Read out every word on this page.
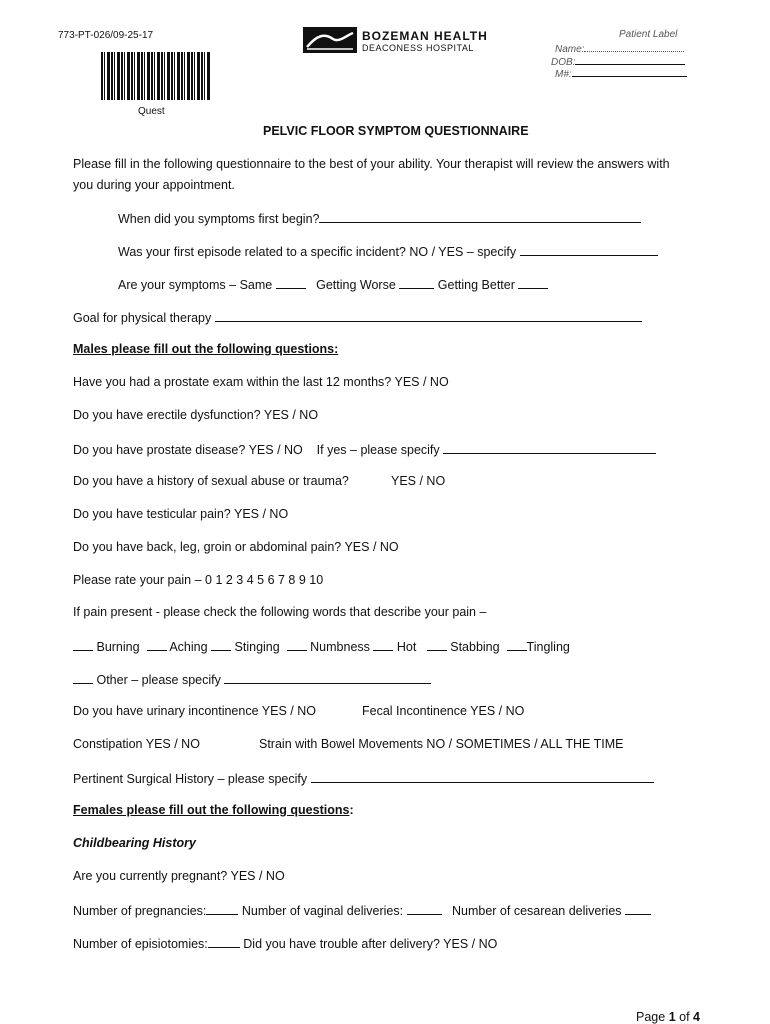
773-PT-026/09-25-17
Quest
BOZEMAN HEALTH
DEACONESS HOSPITAL
Patient Label
Name:
DOB:
M#:
PELVIC FLOOR SYMPTOM QUESTIONNAIRE
Please fill in the following questionnaire to the best of your ability. Your therapist will review the answers with
you during your appointment.
When did you symptoms first begin?
Was your first episode related to a specific incident? NO / YES – specify
Are your symptoms – Same	Getting Worse	Getting Better
Goal for physical therapy
Males please fill out the following questions:
Have you had a prostate exam within the last 12 months? YES / NO
Do you have erectile dysfunction? YES / NO
Do you have prostate disease? YES / NO If yes – please specify
Do you have a history of sexual abuse or trauma?	YES / NO
Do you have testicular pain? YES / NO
Do you have back, leg, groin or abdominal pain? YES / NO
Please rate your pain – 0 1 2 3 4 5 6 7 8 9 10
If pain present - please check the following words that describe your pain –
Burning Aching Stinging Numbness Hot	Stabbing Tingling
Other – please specify
Do you have urinary incontinence YES / NO	Fecal Incontinence YES / NO
Constipation YES / NO	Strain with Bowel Movements NO / SOMETIMES / ALL THE TIME
Pertinent Surgical History – please specify
Females please fill out the following questions:
Childbearing History
Are you currently pregnant? YES / NO
Number of pregnancies:	Number of vaginal deliveries:	Number of cesarean deliveries
Number of episiotomies:	Did you have trouble after delivery? YES / NO
Page 1 of 4
